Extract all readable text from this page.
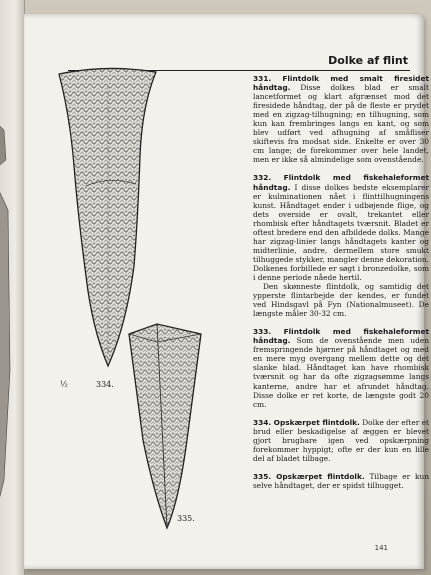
Dolke af flint
½	334.
335.

331. Flintdolk med smalt firesidet håndtag. Disse dolkes blad er smalt lancetformet og klart afgrænset mod det firesidede håndtag, der på de fleste er prydet med en zigzag-tilhugning; en tilhugning, som kun kan frembringes langs en kant, og som blev udført ved afhugning af småfliser skiftevis fra modsat side. Enkelte er over 30 cm lange; de forekommer over hele landet, men er ikke så almindelige som ovenstående.

332. Flintdolk med fiskehaleformet håndtag. I disse dolkes bedste eksemplarer er kulminationen nået i flinttilhugningens kunst. Håndtaget ender i udbøjende flige, og dets overside er ovalt, trekantet eller rhombisk efter håndtagets tværsnit. Bladet er oftest bredere end den afbildede dolks. Mange har zigzag-linier langs håndtagets kanter og midterlinie, andre, dermellem store smukt tilhuggede stykker, mangler denne dekoration. Dolkenes forbillede er søgt i bronzedolke, som i denne periode nåede hertil.

Den skønneste flintdolk, og samtidig det ypperste flintarbejde der kendes, er fundet ved Hindsgavl på Fyn (Nationalmuseet). De længste måler 30-32 cm.

333. Flintdolk med fiskehaleformet håndtag. Som de ovenstående men uden fremspringende hjørner på håndtaget og med en mere myg overgang mellem dette og det slanke blad. Håndtaget kan have rhombisk tværsnit og har da ofte zigzagsømme langs kanterne, andre har et afrundet håndtag. Disse dolke er ret korte, de længste godt 20 cm.

334. Opskærpet flintdolk. Dolke der efter et brud eller beskadigelse af æggen er blevet gjort brugbare igen ved opskærpning forekommer hyppigt; ofte er der kun en lille del af bladet tilbage.

335. Opskærpet flintdolk. Tilbage er kun selve håndtaget, der er spidst tilhugget.

141
